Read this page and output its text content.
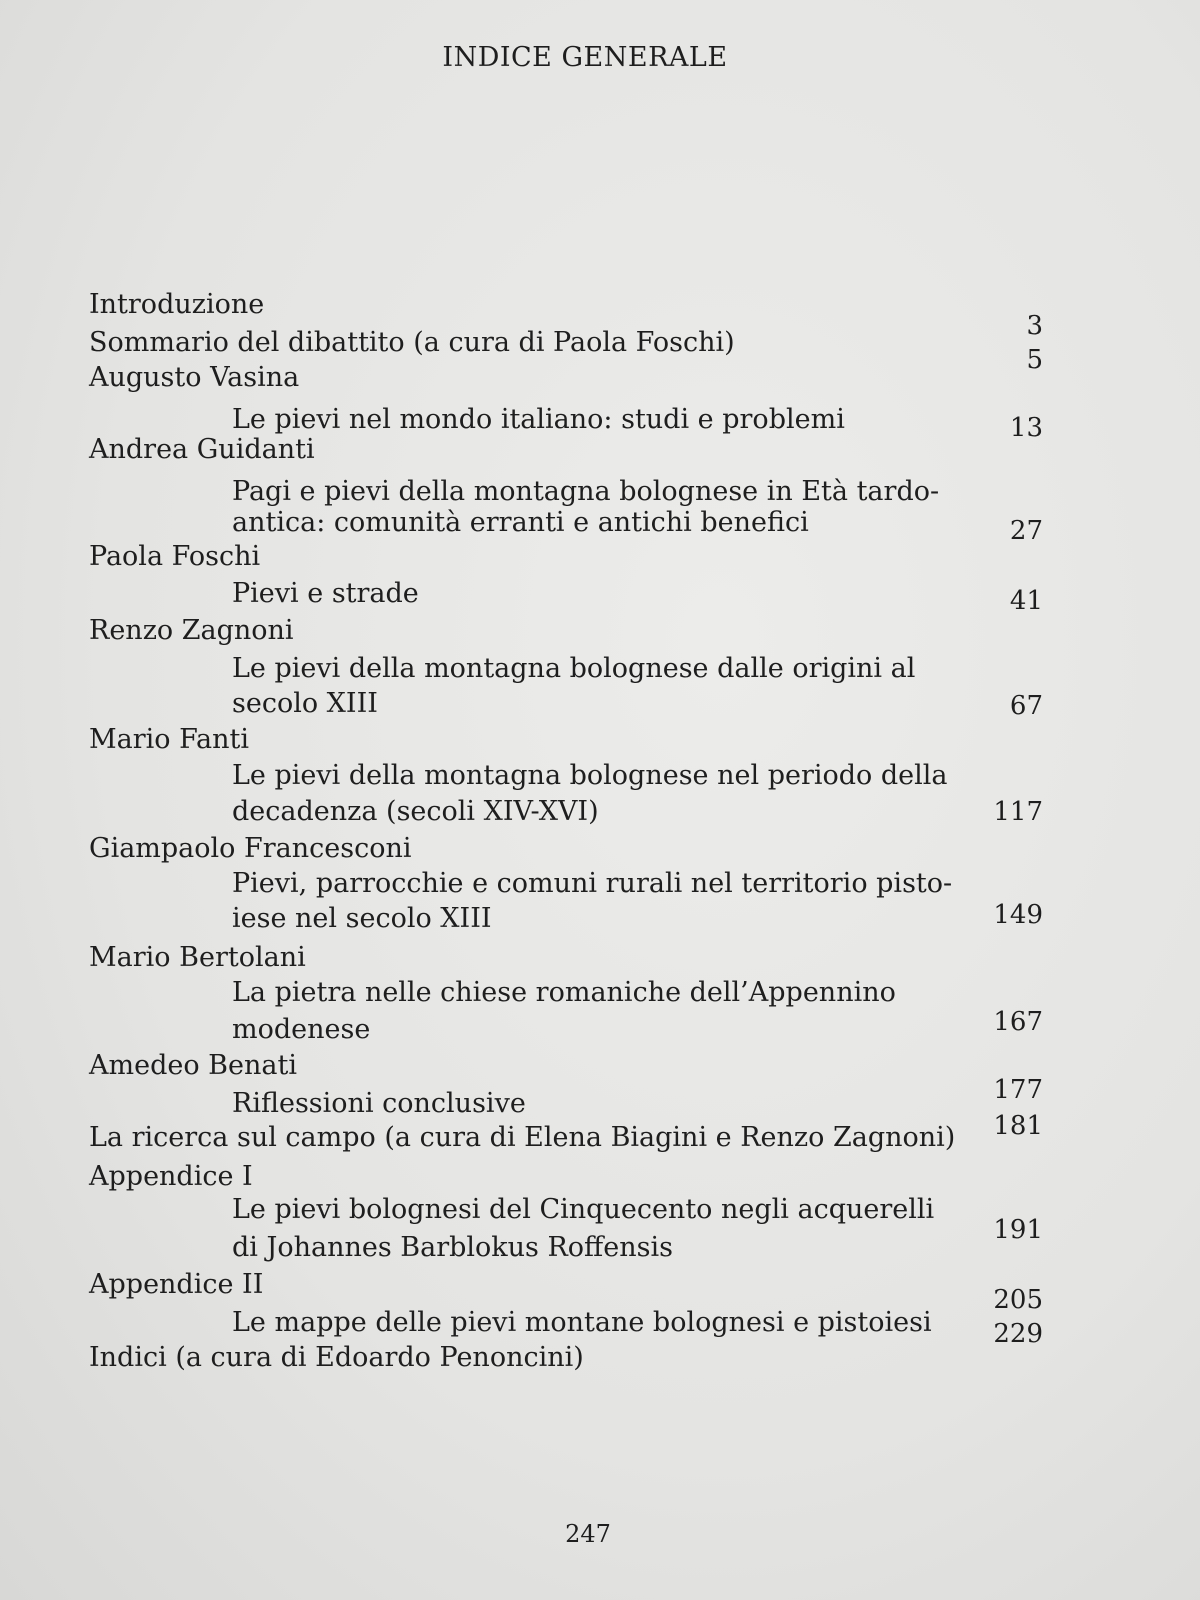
INDICE GENERALE
Introduzione
Sommario del dibattito (a cura di Paola Foschi)
Augusto Vasina
Le pievi nel mondo italiano: studi e problemi
Andrea Guidanti
Pagi e pievi della montagna bolognese in Età tardo-
antica: comunità erranti e antichi benefici
Paola Foschi
Pievi e strade
Renzo Zagnoni
Le pievi della montagna bolognese dalle origini al
secolo XIII
Mario Fanti
Le pievi della montagna bolognese nel periodo della
decadenza (secoli XIV-XVI)
Giampaolo Francesconi
Pievi, parrocchie e comuni rurali nel territorio pisto-
iese nel secolo XIII
Mario Bertolani
La pietra nelle chiese romaniche dell’Appennino
modenese
Amedeo Benati
Riflessioni conclusive
La ricerca sul campo (a cura di Elena Biagini e Renzo Zagnoni)
Appendice I
Le pievi bolognesi del Cinquecento negli acquerelli
di Johannes Barblokus Roffensis
Appendice II
Le mappe delle pievi montane bolognesi e pistoiesi
Indici (a cura di Edoardo Penoncini)
3
5
13
27
41
67
117
149
167
177
181
191
205
229
247
